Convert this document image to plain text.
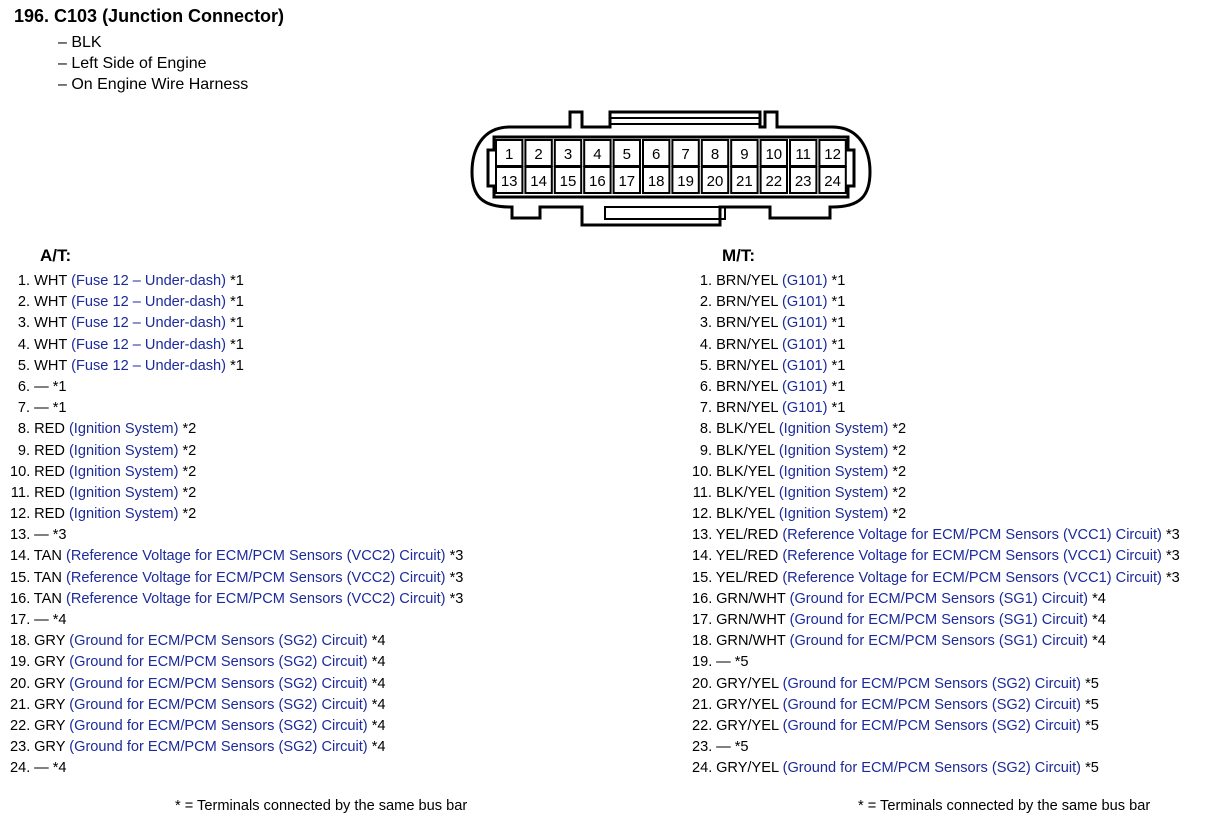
196. C103 (Junction Connector)
– BLK
– Left Side of Engine
– On Engine Wire Harness
1 2 3 4 5 6 7 8 9 10 11 12
13 14 15 16 17 18 19 20 21 22 23 24
A/T:
1. WHT (Fuse 12 – Under-dash) *1
2. WHT (Fuse 12 – Under-dash) *1
3. WHT (Fuse 12 – Under-dash) *1
4. WHT (Fuse 12 – Under-dash) *1
5. WHT (Fuse 12 – Under-dash) *1
6. — *1
7. — *1
8. RED (Ignition System) *2
9. RED (Ignition System) *2
10. RED (Ignition System) *2
11. RED (Ignition System) *2
12. RED (Ignition System) *2
13. — *3
14. TAN (Reference Voltage for ECM/PCM Sensors (VCC2) Circuit) *3
15. TAN (Reference Voltage for ECM/PCM Sensors (VCC2) Circuit) *3
16. TAN (Reference Voltage for ECM/PCM Sensors (VCC2) Circuit) *3
17. — *4
18. GRY (Ground for ECM/PCM Sensors (SG2) Circuit) *4
19. GRY (Ground for ECM/PCM Sensors (SG2) Circuit) *4
20. GRY (Ground for ECM/PCM Sensors (SG2) Circuit) *4
21. GRY (Ground for ECM/PCM Sensors (SG2) Circuit) *4
22. GRY (Ground for ECM/PCM Sensors (SG2) Circuit) *4
23. GRY (Ground for ECM/PCM Sensors (SG2) Circuit) *4
24. — *4
* = Terminals connected by the same bus bar
M/T:
1. BRN/YEL (G101) *1
2. BRN/YEL (G101) *1
3. BRN/YEL (G101) *1
4. BRN/YEL (G101) *1
5. BRN/YEL (G101) *1
6. BRN/YEL (G101) *1
7. BRN/YEL (G101) *1
8. BLK/YEL (Ignition System) *2
9. BLK/YEL (Ignition System) *2
10. BLK/YEL (Ignition System) *2
11. BLK/YEL (Ignition System) *2
12. BLK/YEL (Ignition System) *2
13. YEL/RED (Reference Voltage for ECM/PCM Sensors (VCC1) Circuit) *3
14. YEL/RED (Reference Voltage for ECM/PCM Sensors (VCC1) Circuit) *3
15. YEL/RED (Reference Voltage for ECM/PCM Sensors (VCC1) Circuit) *3
16. GRN/WHT (Ground for ECM/PCM Sensors (SG1) Circuit) *4
17. GRN/WHT (Ground for ECM/PCM Sensors (SG1) Circuit) *4
18. GRN/WHT (Ground for ECM/PCM Sensors (SG1) Circuit) *4
19. — *5
20. GRY/YEL (Ground for ECM/PCM Sensors (SG2) Circuit) *5
21. GRY/YEL (Ground for ECM/PCM Sensors (SG2) Circuit) *5
22. GRY/YEL (Ground for ECM/PCM Sensors (SG2) Circuit) *5
23. — *5
24. GRY/YEL (Ground for ECM/PCM Sensors (SG2) Circuit) *5
* = Terminals connected by the same bus bar
